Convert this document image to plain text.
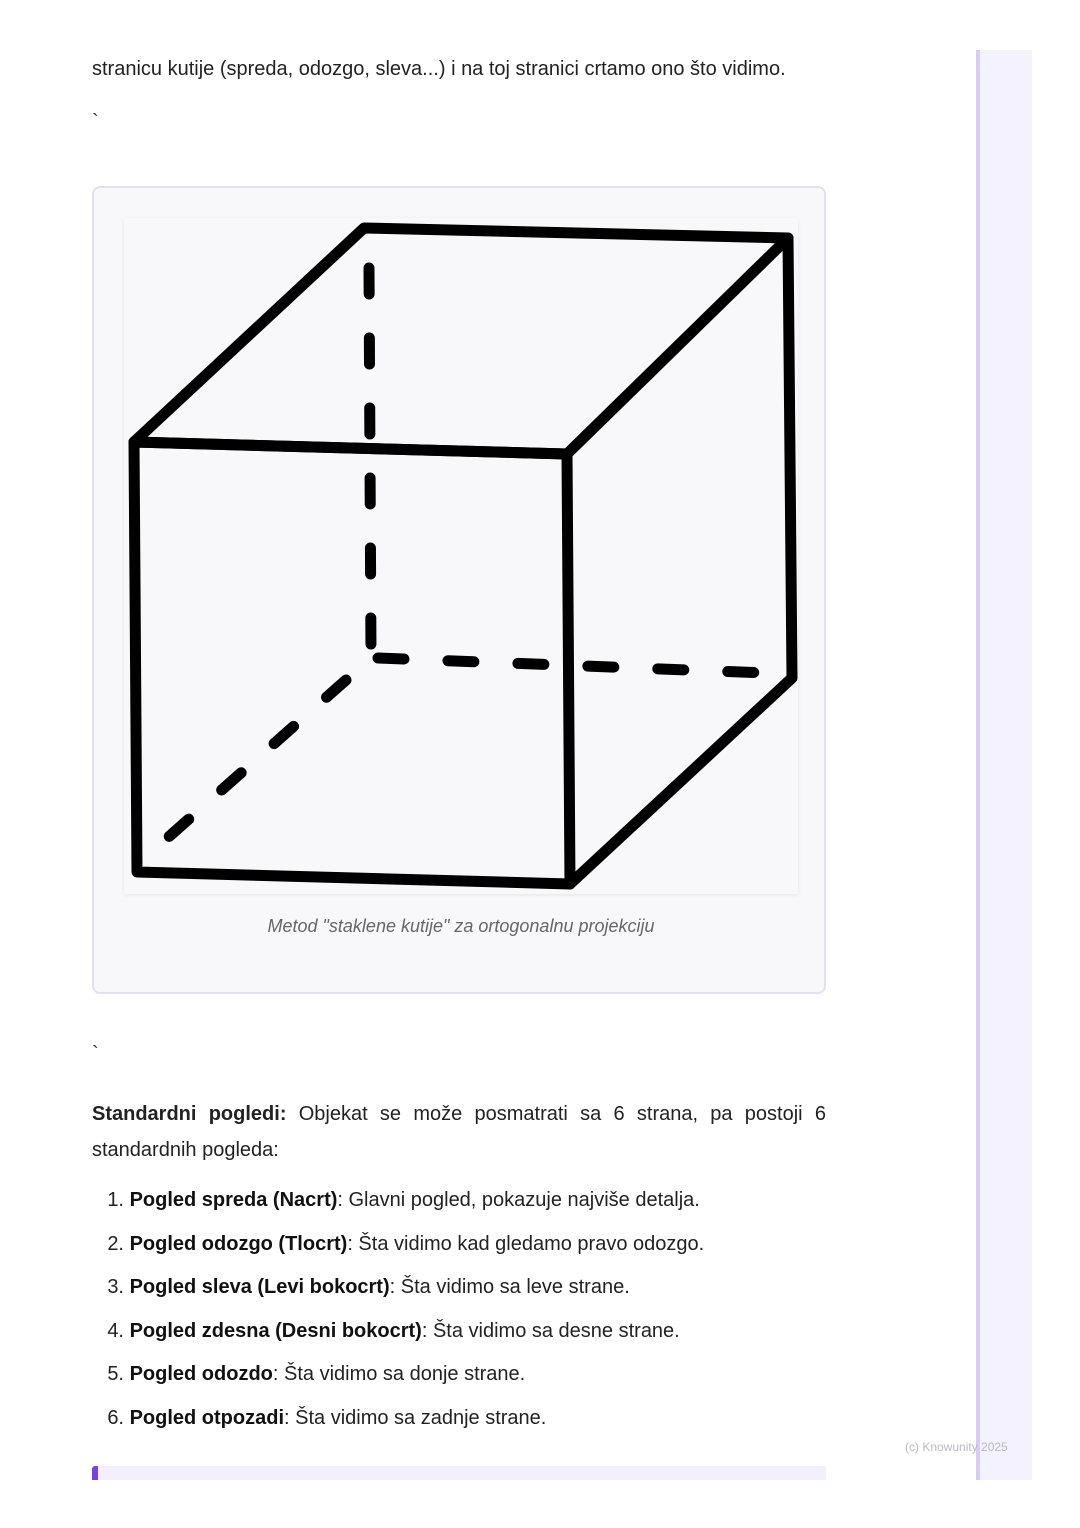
stranicu kutije (spreda, odozgo, sleva...) i na toj stranici crtamo ono što vidimo.

`

Metod "staklene kutije" za ortogonalnu projekciju

`

Standardni pogledi: Objekat se može posmatrati sa 6 strana, pa postoji 6 standardnih pogleda:

1. Pogled spreda (Nacrt): Glavni pogled, pokazuje najviše detalja.
2. Pogled odozgo (Tlocrt): Šta vidimo kad gledamo pravo odozgo.
3. Pogled sleva (Levi bokocrt): Šta vidimo sa leve strane.
4. Pogled zdesna (Desni bokocrt): Šta vidimo sa desne strane.
5. Pogled odozdo: Šta vidimo sa donje strane.
6. Pogled otpozadi: Šta vidimo sa zadnje strane.
(c) Knowunity 2025
